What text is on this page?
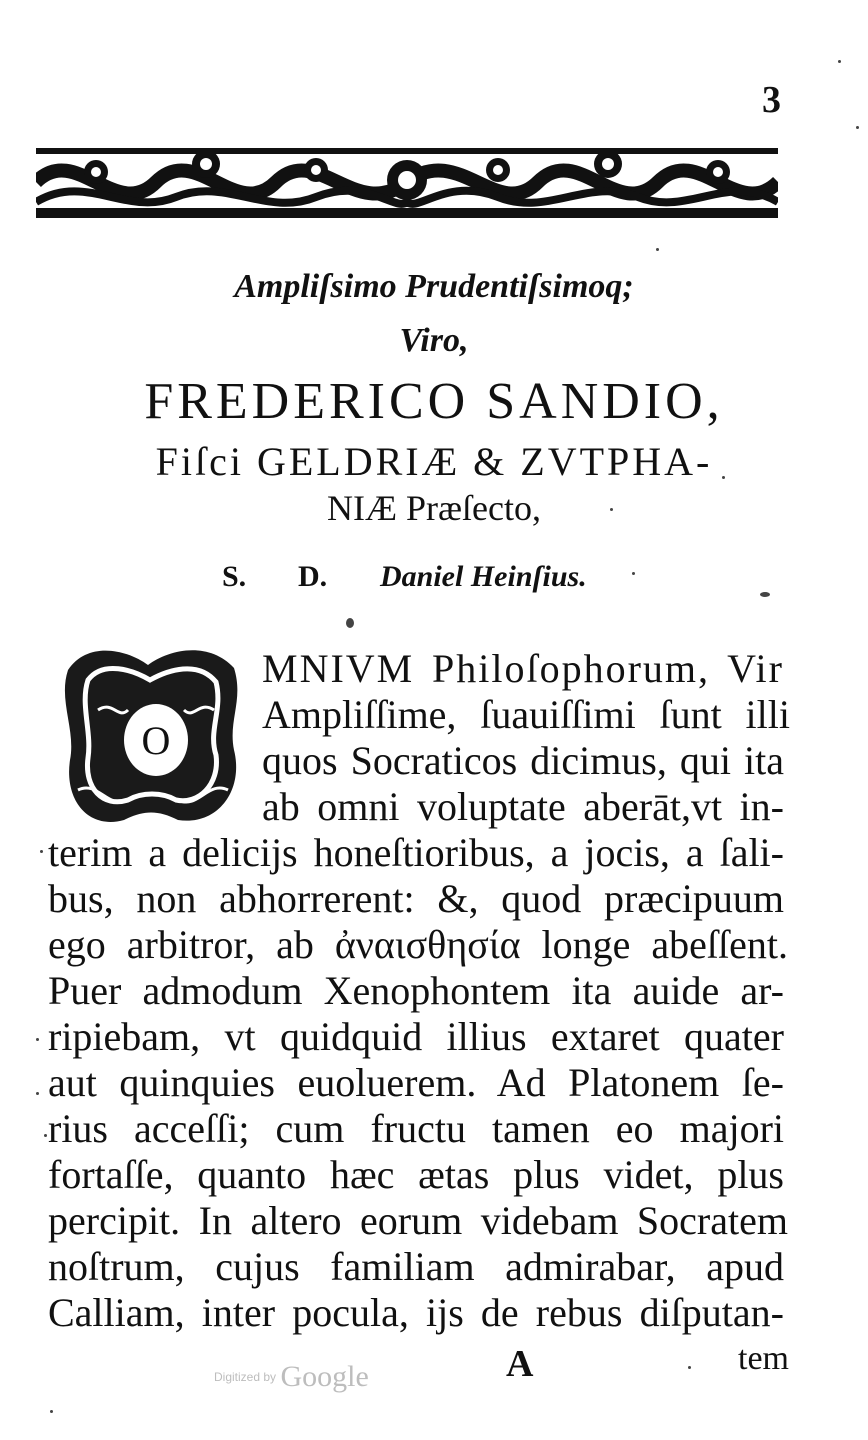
3
Ampliſsimo Prudentiſsimoq;
Viro,
FREDERICO SANDIO,
Fiſci GELDRIÆ & ZVTPHA-
NIÆ Præſecto,
S. D. Daniel Heinſius.
O
MNIVM Philoſophorum, Vir
Ampliſſime, ſuauiſſimi ſunt illi
quos Socraticos dicimus, qui ita
ab omni voluptate aberāt,vt in-
terim a delicijs honeſtioribus, a jocis, a ſali-
bus, non abhorrerent: &, quod præcipuum
ego arbitror, ab ἀναισθησία longe abeſſent.
Puer admodum Xenophontem ita auide ar-
ripiebam, vt quidquid illius extaret quater
aut quinquies euoluerem. Ad Platonem ſe-
rius acceſſi; cum fructu tamen eo majori
fortaſſe, quanto hæc ætas plus videt, plus
percipit. In altero eorum videbam Socratem
noſtrum, cujus familiam admirabar, apud
Calliam, inter pocula, ijs de rebus diſputan-
A	tem
Digitized by Google
